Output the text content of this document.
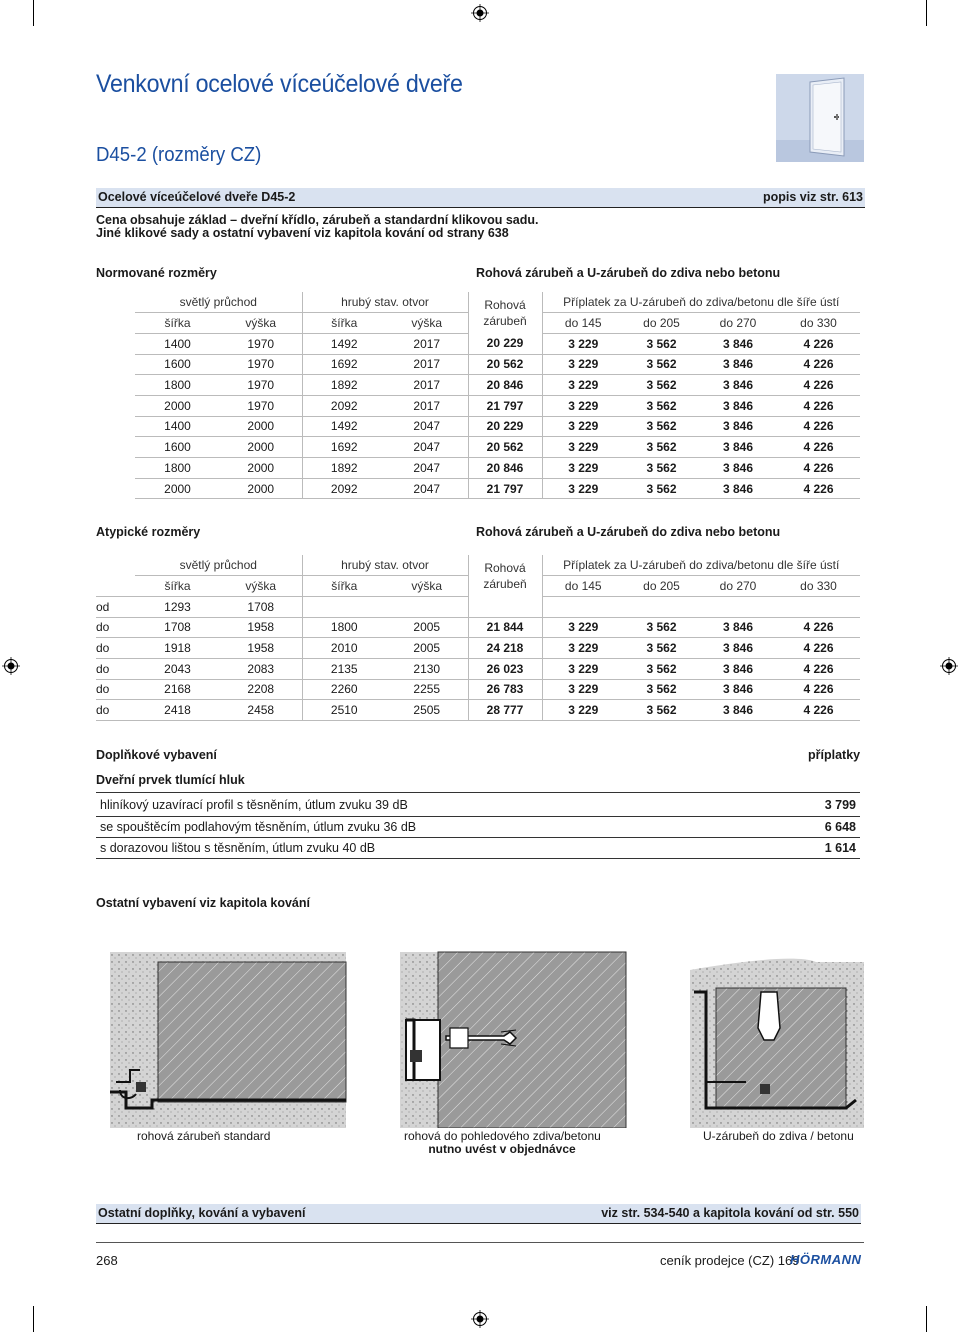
Venkovní ocelové víceúčelové dveře
D45-2 (rozměry CZ)
Ocelové víceúčelové dveře D45-2	popis viz str. 613
Cena obsahuje základ – dveřní křídlo, zárubeň a standardní klikovou sadu.
Jiné klikové sady a ostatní vybavení viz kapitola kování od strany 638
Normované rozměry	Rohová zárubeň a U-zárubeň do zdiva nebo betonu
světlý průchod		hrubý stav. otvor		Rohová
zárubeň	Příplatek za U-zárubeň do zdiva/betonu dle šíře ústí			
šířka	výška	šířka	výška		do 145	do 205	do 270	do 330
1400	1970	1492	2017	20 229	3 229	3 562	3 846	4 226
1600	1970	1692	2017	20 562	3 229	3 562	3 846	4 226
1800	1970	1892	2017	20 846	3 229	3 562	3 846	4 226
2000	1970	2092	2017	21 797	3 229	3 562	3 846	4 226
1400	2000	1492	2047	20 229	3 229	3 562	3 846	4 226
1600	2000	1692	2047	20 562	3 229	3 562	3 846	4 226
1800	2000	1892	2047	20 846	3 229	3 562	3 846	4 226
2000	2000	2092	2047	21 797	3 229	3 562	3 846	4 226
Atypické rozměry	Rohová zárubeň a U-zárubeň do zdiva nebo betonu
	světlý průchod		hrubý stav. otvor		Rohová
zárubeň	Příplatek za U-zárubeň do zdiva/betonu dle šíře ústí			
	šířka	výška	šířka	výška		do 145	do 205	do 270	do 330
od	1293	1708							
do	1708	1958	1800	2005	21 844	3 229	3 562	3 846	4 226
do	1918	1958	2010	2005	24 218	3 229	3 562	3 846	4 226
do	2043	2083	2135	2130	26 023	3 229	3 562	3 846	4 226
do	2168	2208	2260	2255	26 783	3 229	3 562	3 846	4 226
do	2418	2458	2510	2505	28 777	3 229	3 562	3 846	4 226
Doplňkové vybavení	příplatky
Dveřní prvek tlumící hluk
hliníkový uzavírací profil s těsněním, útlum zvuku 39 dB	3 799
se spouštěcím podlahovým těsněním, útlum zvuku 36 dB	6 648
s dorazovou lištou s těsněním, útlum zvuku 40 dB	1 614
Ostatní vybavení viz kapitola kování
rohová zárubeň standard	rohová do pohledového zdiva/betonu
nutno uvést v objednávce
U-zárubeň do zdiva / betonu
Ostatní doplňky, kování a vybavení	viz str. 534-540 a kapitola kování od str. 550
268	ceník prodejce (CZ) 169
HÖRMANN
